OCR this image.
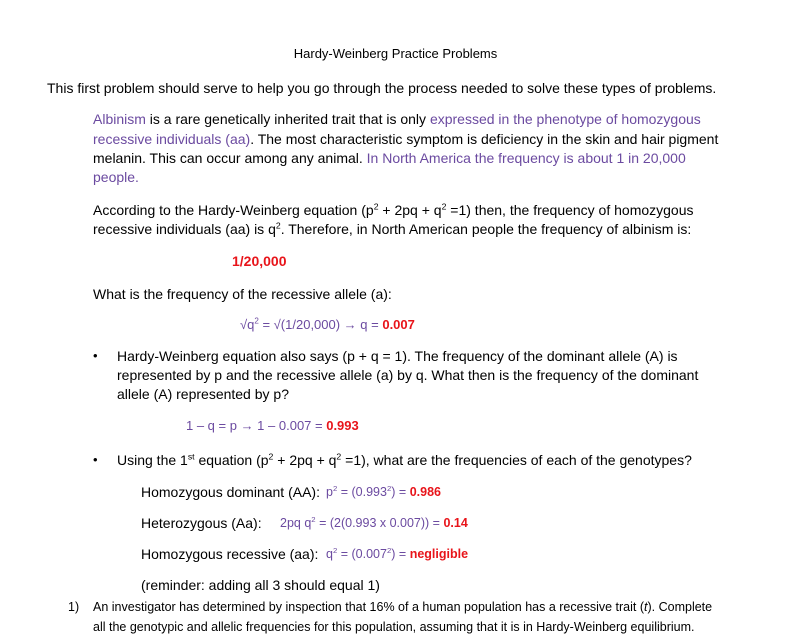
Hardy-Weinberg Practice Problems
This first problem should serve to help you go through the process needed to solve these types of problems.
Albinism is a rare genetically inherited trait that is only expressed in the phenotype of homozygous
recessive individuals (aa). The most characteristic symptom is deficiency in the skin and hair pigment
melanin. This can occur among any animal. In North America the frequency is about 1 in 20,000
people.
According to the Hardy-Weinberg equation $(p^2 + 2pq + q^2 =1)$ then, the frequency of homozygous
recessive individuals (aa) is $q^2$. Therefore, in North American people the frequency of albinism is:
1/20,000
What is the frequency of the recessive allele (a):
$√q^2 = √(1/20,000) \to q = 0.007$
• Hardy-Weinberg equation also says (p + q = 1). The frequency of the dominant allele (A) is
represented by p and the recessive allele (a) by q. What then is the frequency of the dominant
allele (A) represented by p?
1 – q = p → 1 – 0.007 = 0.993
• Using the 1st equation $(p^2 + 2pq + q^2 =1)$, what are the frequencies of each of the genotypes?
Homozygous dominant (AA): $p^2 = (0.993^2) = 0.986$
Heterozygous (Aa): 2pq $q^2 = (2(0.993$ x 0.007)) = 0.14
Homozygous recessive (aa): $q^2 = (0.007^2)$ = negligible
(reminder: adding all 3 should equal 1)
1) An investigator has determined by inspection that 16% of a human population has a recessive trait (t). Complete
all the genotypic and allelic frequencies for this population, assuming that it is in Hardy-Weinberg equilibrium.
